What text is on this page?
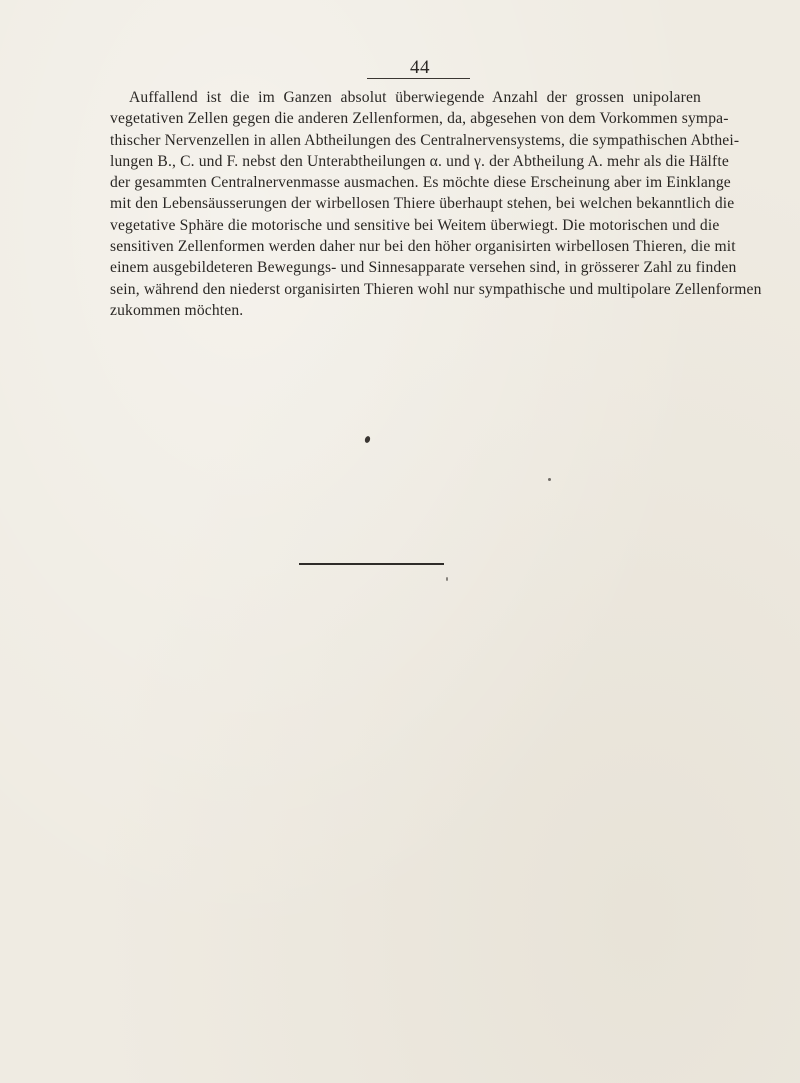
44

Auffallend ist die im Ganzen absolut überwiegende Anzahl der grossen unipolaren
vegetativen Zellen gegen die anderen Zellenformen, da, abgesehen von dem Vorkommen sympa-
thischer Nervenzellen in allen Abtheilungen des Centralnervensystems, die sympathischen Abthei-
lungen B., C. und F. nebst den Unterabtheilungen α. und γ. der Abtheilung A. mehr als die Hälfte
der gesammten Centralnervenmasse ausmachen. Es möchte diese Erscheinung aber im Einklange
mit den Lebensäusserungen der wirbellosen Thiere überhaupt stehen, bei welchen bekanntlich die
vegetative Sphäre die motorische und sensitive bei Weitem überwiegt. Die motorischen und die
sensitiven Zellenformen werden daher nur bei den höher organisirten wirbellosen Thieren, die mit
einem ausgebildeteren Bewegungs- und Sinnesapparate versehen sind, in grösserer Zahl zu finden
sein, während den niederst organisirten Thieren wohl nur sympathische und multipolare Zellenformen
zukommen möchten.
